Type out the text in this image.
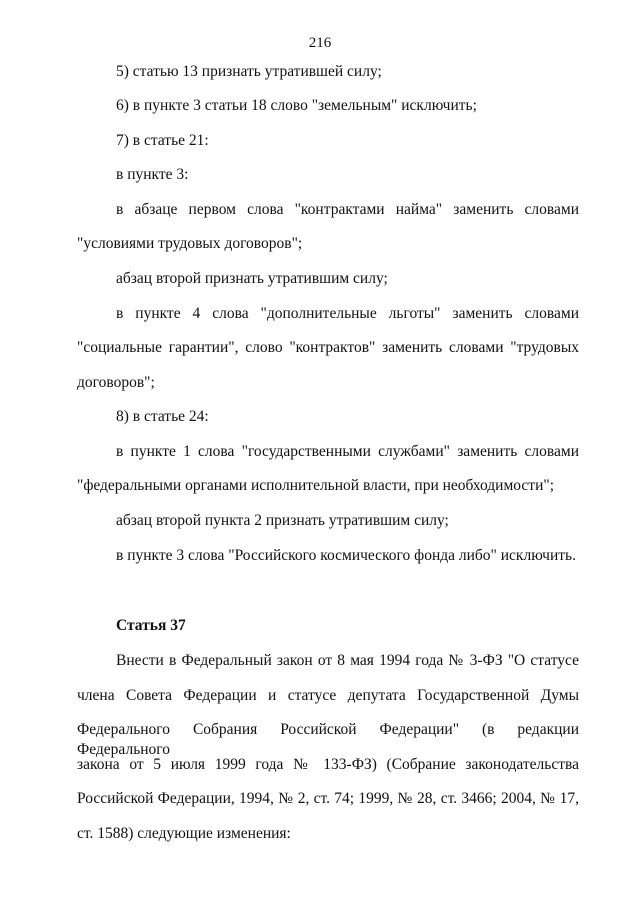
216
5) статью 13 признать утратившей силу;
6) в пункте 3 статьи 18 слово "земельным" исключить;
7) в статье 21:
в пункте 3:
в абзаце первом слова "контрактами найма" заменить словами
"условиями трудовых договоров";
абзац второй признать утратившим силу;
в пункте 4 слова "дополнительные льготы" заменить словами
"социальные гарантии", слово "контрактов" заменить словами "трудовых
договоров";
8) в статье 24:
в пункте 1 слова "государственными службами" заменить словами
"федеральными органами исполнительной власти, при необходимости";
абзац второй пункта 2 признать утратившим силу;
в пункте 3 слова "Российского космического фонда либо" исключить.
Статья 37
Внести в Федеральный закон от 8 мая 1994 года № 3-ФЗ "О статусе
члена Совета Федерации и статусе депутата Государственной Думы
Федерального Собрания Российской Федерации" (в редакции Федерального
закона от 5 июля 1999 года № 133-ФЗ) (Собрание законодательства
Российской Федерации, 1994, № 2, ст. 74; 1999, № 28, ст. 3466; 2004, № 17,
ст. 1588) следующие изменения:
